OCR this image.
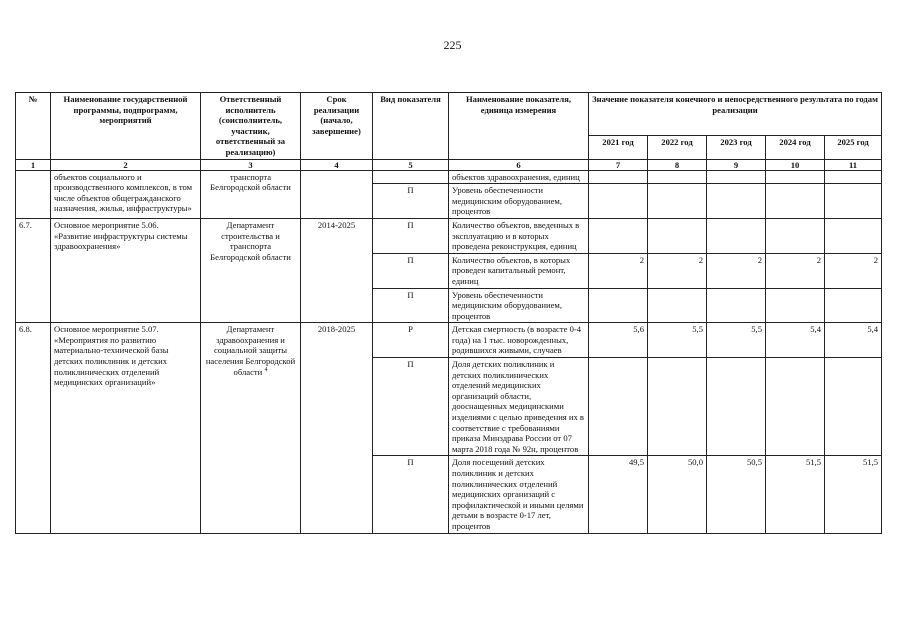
225
№	Наименование государственной программы, подпрограмм, мероприятий	Ответственный исполнитель (соисполнитель, участник, ответственный за реализацию)	Срок реализации (начало, завершение)	Вид показателя	Наименование показателя, единица измерения	Значение показателя конечного и непосредственного результата по годам реализации				
						2021 год	2022 год	2023 год	2024 год	2025 год
1	2	3	4	5	6	7	8	9	10	11
	объектов социального и производственного комплексов, в том числе объектов общегражданского назначения, жилья, инфраструктуры»	транспорта Белгородской области			объектов здравоохранения, единиц					
				П	Уровень обеспеченности медицинским оборудованием, процентов					
6.7.	Основное мероприятие 5.06. «Развитие инфраструктуры системы здравоохранения»	Департамент строительства и транспорта Белгородской области	2014-2025	П	Количество объектов, введенных в эксплуатацию и в которых проведена реконструкция, единиц					
				П	Количество объектов, в которых проведен капитальный ремонт, единиц	2	2	2	2	2
				П	Уровень обеспеченности медицинским оборудованием, процентов					
6.8.	Основное мероприятие 5.07. «Мероприятия по развитию материально-технической базы детских поликлиник и детских поликлинических отделений медицинских организаций»	Департамент здравоохранения и социальной защиты населения Белгородской области $^4$	2018-2025	Р	Детская смертность (в возрасте 0-4 года) на 1 тыс. новорожденных, родившихся живыми, случаев	5,6	5,5	5,5	5,4	5,4
				П	Доля детских поликлиник и детских поликлинических отделений медицинских организаций области, дооснащенных медицинскими изделиями с целью приведения их в соответствие с требованиями приказа Минздрава России от 07 марта 2018 года № 92н, процентов					
				П	Доля посещений детских поликлиник и детских поликлинических отделений медицинских организаций с профилактической и иными целями детьми в возрасте 0-17 лет, процентов	49,5	50,0	50,5	51,5	51,5
